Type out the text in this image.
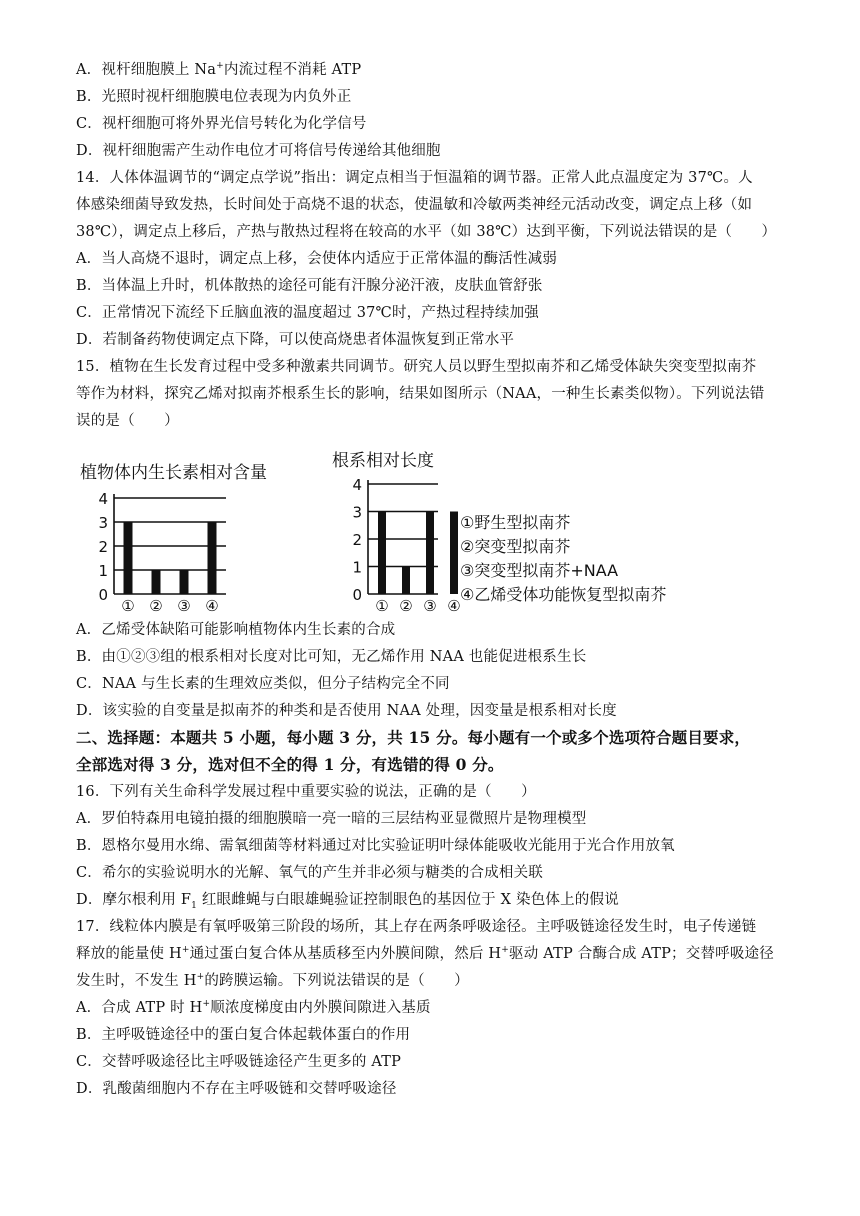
A．视杆细胞膜上 Na+内流过程不消耗 ATP
B．光照时视杆细胞膜电位表现为内负外正
C．视杆细胞可将外界光信号转化为化学信号
D．视杆细胞需产生动作电位才可将信号传递给其他细胞
14．人体体温调节的“调定点学说”指出：调定点相当于恒温箱的调节器。正常人此点温度定为 37℃。人
体感染细菌导致发热，长时间处于高烧不退的状态，使温敏和冷敏两类神经元活动改变，调定点上移（如
38℃），调定点上移后，产热与散热过程将在较高的水平（如 38℃）达到平衡，下列说法错误的是（　　）
A．当人高烧不退时，调定点上移，会使体内适应于正常体温的酶活性减弱
B．当体温上升时，机体散热的途径可能有汗腺分泌汗液，皮肤血管舒张
C．正常情况下流经下丘脑血液的温度超过 37℃时，产热过程持续加强
D．若制备药物使调定点下降，可以使高烧患者体温恢复到正常水平
15．植物在生长发育过程中受多种激素共同调节。研究人员以野生型拟南芥和乙烯受体缺失突变型拟南芥
等作为材料，探究乙烯对拟南芥根系生长的影响，结果如图所示（NAA，一种生长素类似物）。下列说法错
误的是（　　）
A．乙烯受体缺陷可能影响植物体内生长素的合成
B．由①②③组的根系相对长度对比可知，无乙烯作用 NAA 也能促进根系生长
C．NAA 与生长素的生理效应类似，但分子结构完全不同
D．该实验的自变量是拟南芥的种类和是否使用 NAA 处理，因变量是根系相对长度
二、选择题：本题共 5 小题，每小题 3 分，共 15 分。每小题有一个或多个选项符合题目要求，
全部选对得 3 分，选对但不全的得 1 分，有选错的得 0 分。
16．下列有关生命科学发展过程中重要实验的说法，正确的是（　　）
A．罗伯特森用电镜拍摄的细胞膜暗一亮一暗的三层结构亚显微照片是物理模型
B．恩格尔曼用水绵、需氧细菌等材料通过对比实验证明叶绿体能吸收光能用于光合作用放氧
C．希尔的实验说明水的光解、氧气的产生并非必须与糖类的合成相关联
D．摩尔根利用 $F_1$ 红眼雌蝇与白眼雄蝇验证控制眼色的基因位于 X 染色体上的假说
17．线粒体内膜是有氧呼吸第三阶段的场所，其上存在两条呼吸途径。主呼吸链途径发生时，电子传递链
释放的能量使 H+通过蛋白复合体从基质移至内外膜间隙，然后 H+驱动 ATP 合酶合成 ATP；交替呼吸途径
发生时，不发生 H+的跨膜运输。下列说法错误的是（　　）
A．合成 ATP 时 H+顺浓度梯度由内外膜间隙进入基质
B．主呼吸链途径中的蛋白复合体起载体蛋白的作用
C．交替呼吸途径比主呼吸链途径产生更多的 ATP
D．乳酸菌细胞内不存在主呼吸链和交替呼吸途径
植物体内生长素相对含量
0
1
2
3
4
① ② ③ ④
根系相对长度
0
1
2
3
4
① ② ③ ④
①野生型拟南芥
②突变型拟南芥
③突变型拟南芥+NAA
④乙烯受体功能恢复型拟南芥
